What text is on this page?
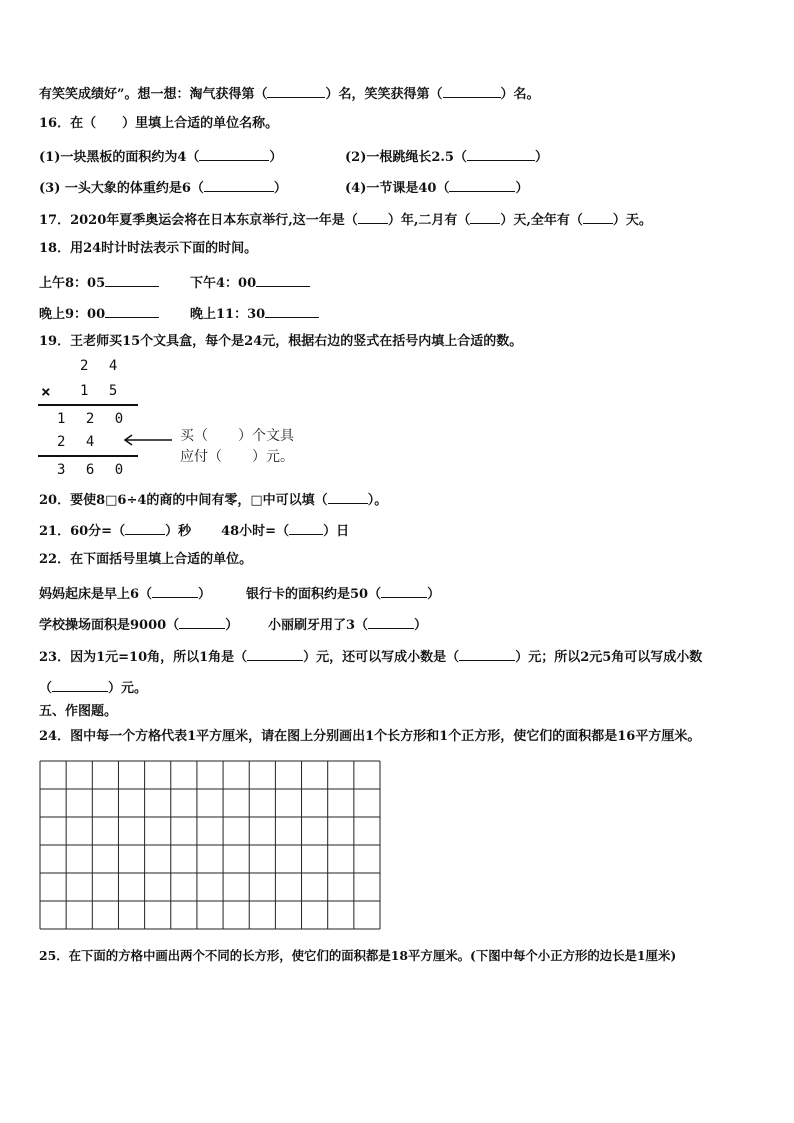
有笑笑成绩好”。想一想：淘气获得第（	）名，笑笑获得第（	）名。
16．在（　　）里填上合适的单位名称。
(1)一块黑板的面积约为4（	）	(2)一根跳绳长2.5（	）
(3) 一头大象的体重约是6（	）	(4)一节课是40（	）
17．2020年夏季奥运会将在日本东京举行,这一年是（ ）年,二月有（ ）天,全年有（ ）天。
18．用24时计时法表示下面的时间。
上午8：05	下午4：00
晚上9：00	晚上11：30
19．王老师买15个文具盒，每个是24元，根据右边的竖式在括号内填上合适的数。
2 4
× 1 5
1 2 0
2 4
3 6 0
买（ ）个文具
应付（ ）元。
20．要使8□6÷4的商的中间有零，□中可以填（	）。
21．60分=（	）秒 48小时=（	）日
22．在下面括号里填上合适的单位。
妈妈起床是早上6（	）	银行卡的面积约是50（	）
学校操场面积是9000（	） 小丽刷牙用了3（	）
23．因为1元=10角，所以1角是（	）元，还可以写成小数是（	）元；所以2元5角可以写成小数
（	）元。
五、作图题。
24．图中每一个方格代表1平方厘米，请在图上分别画出1个长方形和1个正方形，使它们的面积都是16平方厘米。
25．在下面的方格中画出两个不同的长方形，使它们的面积都是18平方厘米。(下图中每个小正方形的边长是1厘米)
